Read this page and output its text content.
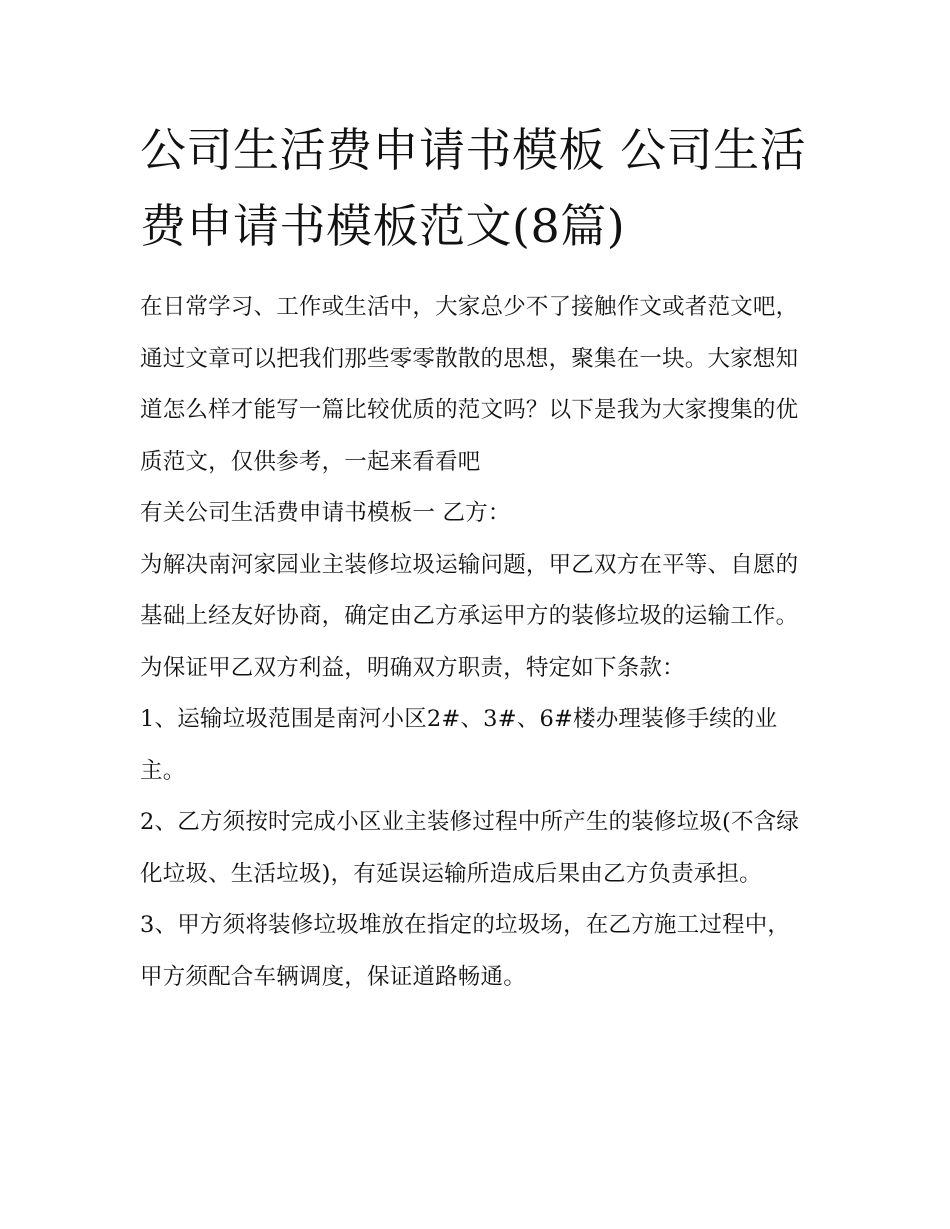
公司生活费申请书模板 公司生活费申请书模板范文(8篇)

在日常学习、工作或生活中，大家总少不了接触作文或者范文吧，通过文章可以把我们那些零零散散的思想，聚集在一块。大家想知道怎么样才能写一篇比较优质的范文吗？以下是我为大家搜集的优质范文，仅供参考，一起来看看吧

有关公司生活费申请书模板一 乙方：

为解决南河家园业主装修垃圾运输问题，甲乙双方在平等、自愿的基础上经友好协商，确定由乙方承运甲方的装修垃圾的运输工作。为保证甲乙双方利益，明确双方职责，特定如下条款：

1、运输垃圾范围是南河小区2#、3#、6#楼办理装修手续的业主。

2、乙方须按时完成小区业主装修过程中所产生的装修垃圾(不含绿化垃圾、生活垃圾)，有延误运输所造成后果由乙方负责承担。

3、甲方须将装修垃圾堆放在指定的垃圾场，在乙方施工过程中，甲方须配合车辆调度，保证道路畅通。
